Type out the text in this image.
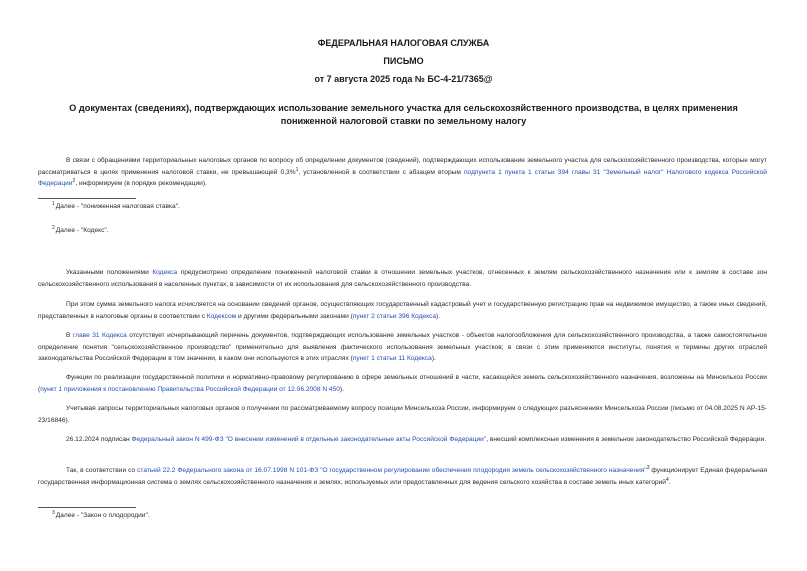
ФЕДЕРАЛЬНАЯ НАЛОГОВАЯ СЛУЖБА
ПИСЬМО
от 7 августа 2025 года № БС-4-21/7365@
О документах (сведениях), подтверждающих использование земельного участка для сельскохозяйственного производства, в целях применения пониженной налоговой ставки по земельному налогу
В связи с обращениями территориальных налоговых органов по вопросу об определении документов (сведений), подтверждающих использование земельного участка для сельскохозяйственного производства, которые могут рассматриваться в целях применения налоговой ставки, не превышающей 0,3%$^1$, установленной в соответствии с абзацем вторым подпункта 1 пункта 1 статьи 394 главы 31 "Земельный налог" Налогового кодекса Российской Федерации$^2$, информируем (в порядке рекомендации).
$^1$Далее - "пониженная налоговая ставка".
$^2$Далее - "Кодекс".
Указанными положениями Кодекса предусмотрено определение пониженной налоговой ставки в отношении земельных участков, отнесенных к землям сельскохозяйственного назначения или к землям в составе зон сельскохозяйственного использования в населенных пунктах, в зависимости от их использования для сельскохозяйственного производства.
При этом сумма земельного налога исчисляется на основании сведений органов, осуществляющих государственный кадастровый учет и государственную регистрацию прав на недвижимое имущество, а также иных сведений, представленных в налоговые органы в соответствии с Кодексом и другими федеральными законами (пункт 2 статьи 396 Кодекса).
В главе 31 Кодекса отсутствует исчерпывающий перечень документов, подтверждающих использование земельных участков - объектов налогообложения для сельскохозяйственного производства, а также самостоятельное определение понятия "сельскохозяйственное производство" применительно для выявления фактического использования земельных участков; в связи с этим применяются институты, понятия и термины других отраслей законодательства Российской Федерации в том значении, в каком они используются в этих отраслях (пункт 1 статьи 11 Кодекса).
Функции по реализации государственной политики и нормативно-правовому регулированию в сфере земельных отношений в части, касающейся земель сельскохозяйственного назначения, возложены на Минсельхоз России (пункт 1 приложения к постановлению Правительства Российской Федерации от 12.06.2008 N 450).
Учитывая запросы территориальных налоговых органов о получении по рассматриваемому вопросу позиции Минсельхоза России, информируем о следующих разъяснениях Минсельхоза России (письмо от 04.08.2025 N АР-15-23/16846).
26.12.2024 подписан Федеральный закон N 499-ФЗ "О внесении изменений в отдельные законодательные акты Российской Федерации", внесший комплексные изменения в земельное законодательство Российской Федерации.
Так, в соответствии со статьей 22.2 Федерального закона от 16.07.1998 N 101-ФЗ "О государственном регулировании обеспечения плодородия земель сельскохозяйственного назначения"$^3$ функционирует Единая федеральная государственная информационная система о землях сельскохозяйственного назначения и землях, используемых или предоставленных для ведения сельского хозяйства в составе земель иных категорий$^4$.
$^3$Далее - "Закон о плодородии".
